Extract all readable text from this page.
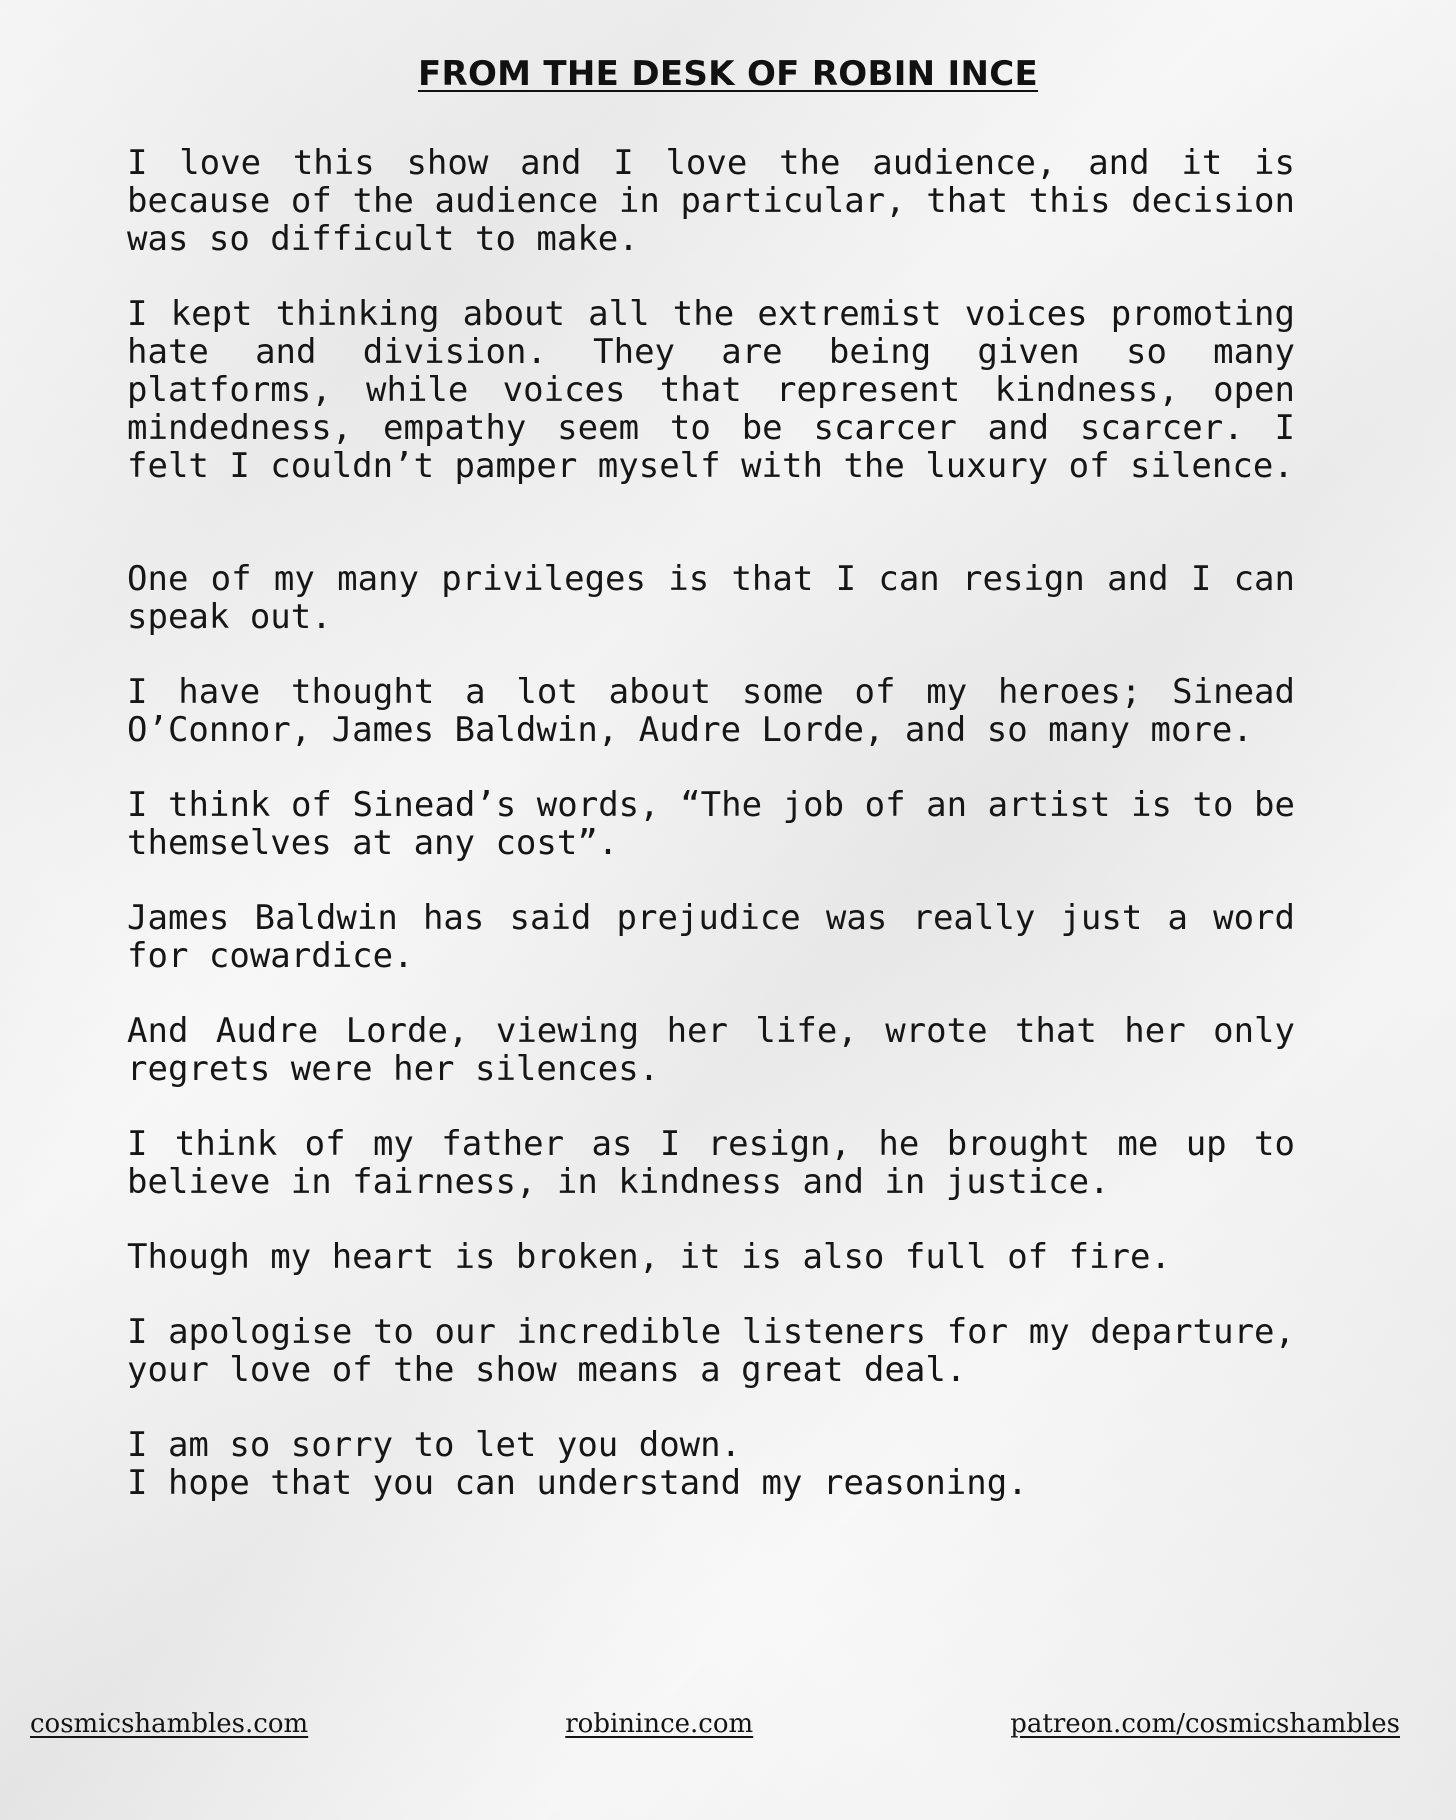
FROM THE DESK OF ROBIN INCE

I love this show and I love the audience, and it is because of the audience in particular, that this decision was so difficult to make.

I kept thinking about all the extremist voices promoting hate and division. They are being given so many platforms, while voices that represent kindness, open mindedness, empathy seem to be scarcer and scarcer. I felt I couldn’t pamper myself with the luxury of silence.

One of my many privileges is that I can resign and I can speak out.

I have thought a lot about some of my heroes; Sinead O’Connor, James Baldwin, Audre Lorde, and so many more.

I think of Sinead’s words, “The job of an artist is to be themselves at any cost”.

James Baldwin has said prejudice was really just a word for cowardice.

And Audre Lorde, viewing her life, wrote that her only regrets were her silences.

I think of my father as I resign, he brought me up to believe in fairness, in kindness and in justice.

Though my heart is broken, it is also full of fire.

I apologise to our incredible listeners for my departure, your love of the show means a great deal.

I am so sorry to let you down.
I hope that you can understand my reasoning.

cosmicshambles.com	robinince.com	patreon.com/cosmicshambles
